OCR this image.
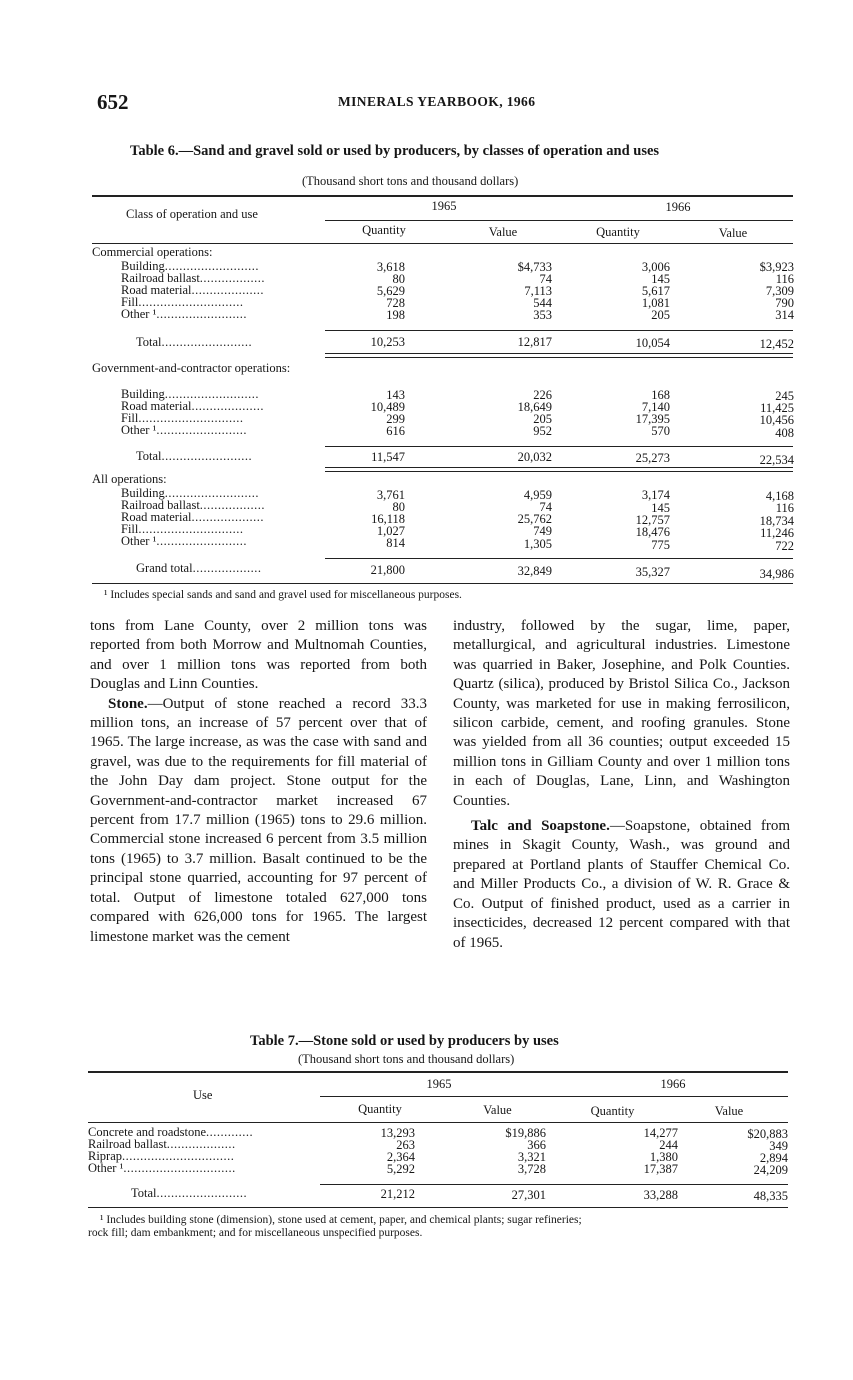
652	MINERALS YEARBOOK, 1966
Table 6.—Sand and gravel sold or used by producers, by classes of operation and uses
(Thousand short tons and thousand dollars)
Class of operation and use
1965	1966
Quantity	Value	Quantity	Value
Commercial operations:
Building..........................	3,618	$4,733	3,006	$3,923
Railroad ballast..................	80	74	145	116
Road material....................	5,629	7,113	5,617	7,309
Fill.............................	728	544	1,081	790
Other ¹.........................	198	353	205	314
Total.........................	10,253	12,817	10,054	12,452
Government-and-contractor operations:
Building..........................	143	226	168	245
Road material....................	10,489	18,649	7,140	11,425
Fill.............................	299	205	17,395	10,456
Other ¹.........................	616	952	570	408
Total.........................	11,547	20,032	25,273	22,534
All operations:
Building..........................	3,761	4,959	3,174	4,168
Railroad ballast..................	80	74	145	116
Road material....................	16,118	25,762	12,757	18,734
Fill.............................	1,027	749	18,476	11,246
Other ¹.........................	814	1,305	775	722
Grand total...................	21,800	32,849	35,327	34,986
¹ Includes special sands and sand and gravel used for miscellaneous purposes.

tons from Lane County, over 2 million tons was reported from both Morrow and Multnomah Counties, and over 1 million tons was reported from both Douglas and Linn Counties.

Stone.—Output of stone reached a record 33.3 million tons, an increase of 57 percent over that of 1965. The large increase, as was the case with sand and gravel, was due to the requirements for fill material of the John Day dam project. Stone output for the Government-and-contractor market increased 67 percent from 17.7 million (1965) tons to 29.6 million. Commercial stone increased 6 percent from 3.5 million tons (1965) to 3.7 million. Basalt continued to be the principal stone quarried, accounting for 97 percent of total. Output of limestone totaled 627,000 tons compared with 626,000 tons for 1965. The largest limestone market was the cement

industry, followed by the sugar, lime, paper, metallurgical, and agricultural industries. Limestone was quarried in Baker, Josephine, and Polk Counties. Quartz (silica), produced by Bristol Silica Co., Jackson County, was marketed for use in making ferrosilicon, silicon carbide, cement, and roofing granules. Stone was yielded from all 36 counties; output exceeded 15 million tons in Gilliam County and over 1 million tons in each of Douglas, Lane, Linn, and Washington Counties.

Talc and Soapstone.—Soapstone, obtained from mines in Skagit County, Wash., was ground and prepared at Portland plants of Stauffer Chemical Co. and Miller Products Co., a division of W. R. Grace & Co. Output of finished product, used as a carrier in insecticides, decreased 12 percent compared with that of 1965.

Table 7.—Stone sold or used by producers by uses
(Thousand short tons and thousand dollars)
Use
1965	1966
Quantity	Value	Quantity	Value
Concrete and roadstone.............	13,293	$19,886	14,277	$20,883
Railroad ballast...................	263	366	244	349
Riprap...............................	2,364	3,321	1,380	2,894
Other ¹...............................	5,292	3,728	17,387	24,209
Total.........................	21,212	27,301	33,288	48,335
¹ Includes building stone (dimension), stone used at cement, paper, and chemical plants; sugar refineries;
rock fill; dam embankment; and for miscellaneous unspecified purposes.
